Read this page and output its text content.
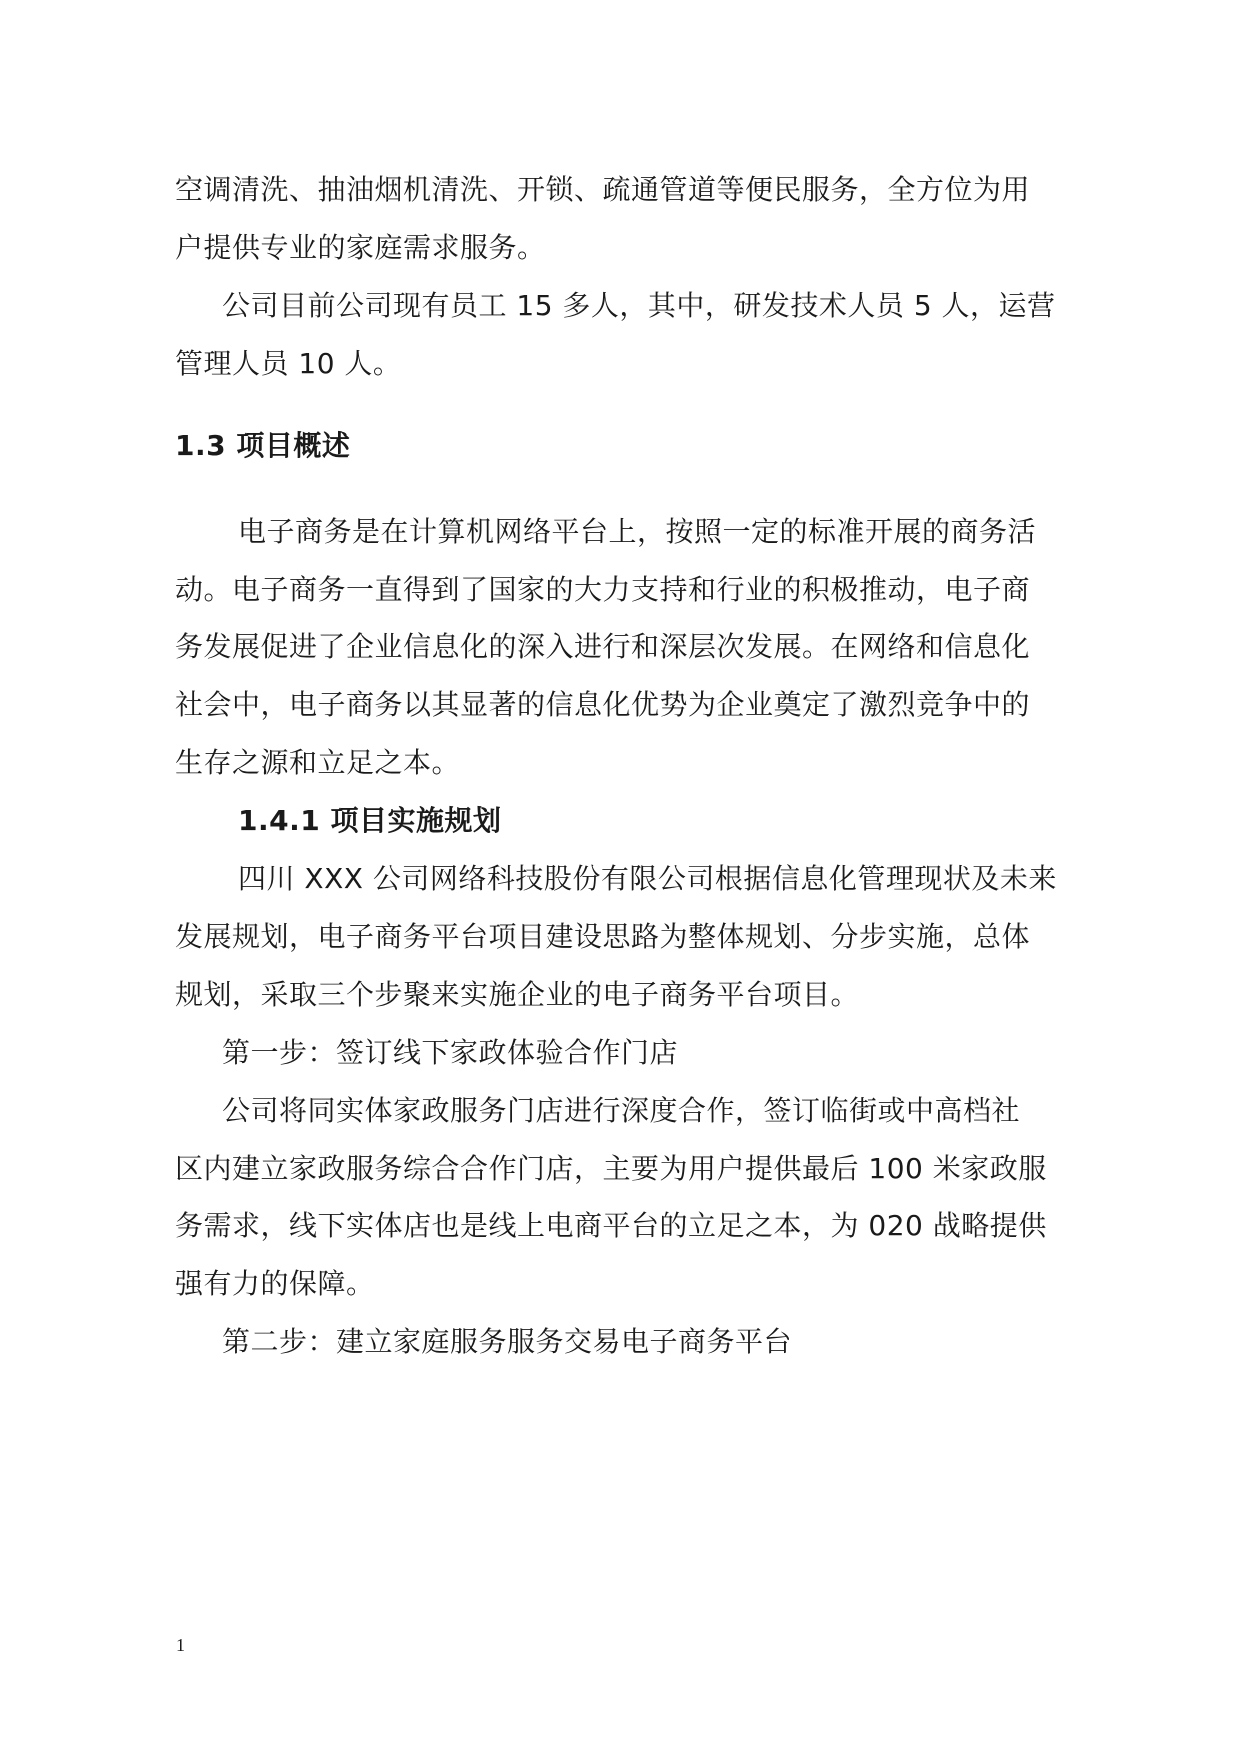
空调清洗、抽油烟机清洗、开锁、疏通管道等便民服务，全方位为用
户提供专业的家庭需求服务。
公司目前公司现有员工 15 多人，其中，研发技术人员 5 人，运营
管理人员 10 人。
1.3 项目概述
电子商务是在计算机网络平台上，按照一定的标准开展的商务活
动。电子商务一直得到了国家的大力支持和行业的积极推动，电子商
务发展促进了企业信息化的深入进行和深层次发展。在网络和信息化
社会中，电子商务以其显著的信息化优势为企业奠定了激烈竞争中的
生存之源和立足之本。
1.4.1 项目实施规划
四川 XXX 公司网络科技股份有限公司根据信息化管理现状及未来
发展规划，电子商务平台项目建设思路为整体规划、分步实施，总体
规划，采取三个步聚来实施企业的电子商务平台项目。
第一步：签订线下家政体验合作门店
公司将同实体家政服务门店进行深度合作，签订临街或中高档社
区内建立家政服务综合合作门店，主要为用户提供最后 100 米家政服
务需求，线下实体店也是线上电商平台的立足之本，为 020 战略提供
强有力的保障。
第二步：建立家庭服务服务交易电子商务平台
1
